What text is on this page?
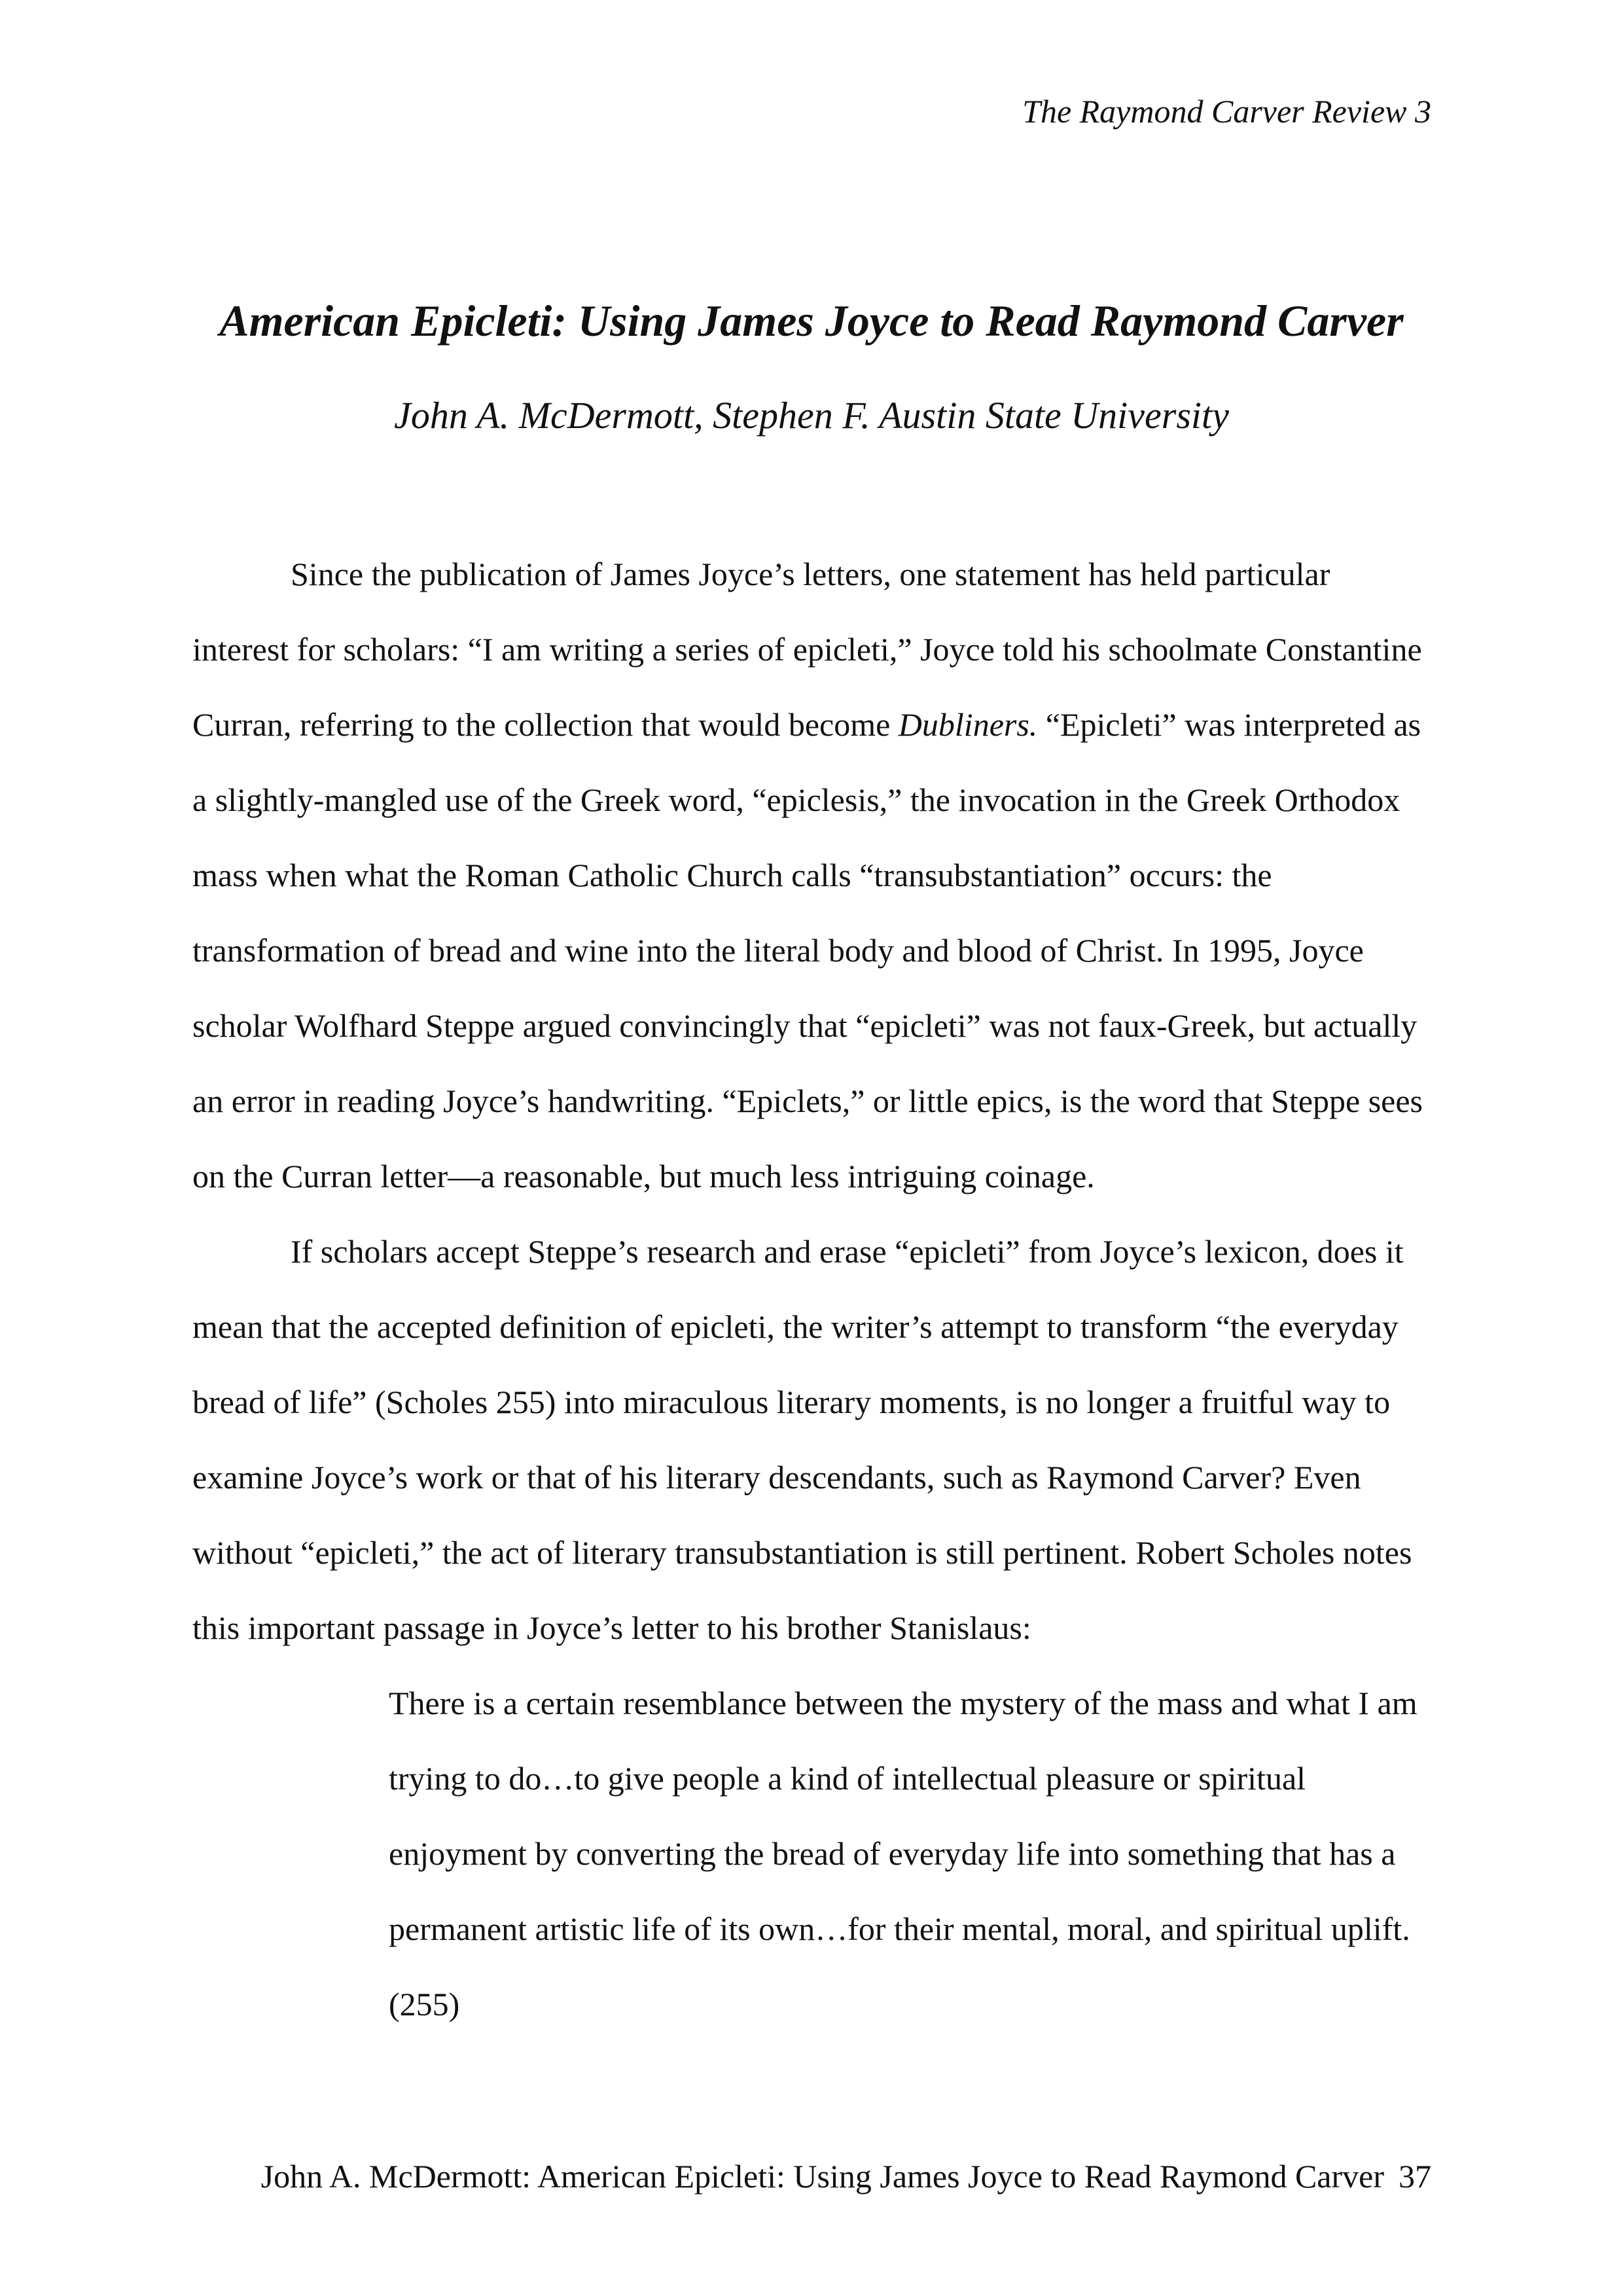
The Raymond Carver Review 3
American Epicleti: Using James Joyce to Read Raymond Carver
John A. McDermott, Stephen F. Austin State University

Since the publication of James Joyce’s letters, one statement has held particular interest for scholars: “I am writing a series of epicleti,” Joyce told his schoolmate Constantine Curran, referring to the collection that would become Dubliners. “Epicleti” was interpreted as a slightly-mangled use of the Greek word, “epiclesis,” the invocation in the Greek Orthodox mass when what the Roman Catholic Church calls “transubstantiation” occurs: the transformation of bread and wine into the literal body and blood of Christ. In 1995, Joyce scholar Wolfhard Steppe argued convincingly that “epicleti” was not faux-Greek, but actually an error in reading Joyce’s handwriting. “Epiclets,” or little epics, is the word that Steppe sees on the Curran letter—a reasonable, but much less intriguing coinage.

If scholars accept Steppe’s research and erase “epicleti” from Joyce’s lexicon, does it mean that the accepted definition of epicleti, the writer’s attempt to transform “the everyday bread of life” (Scholes 255) into miraculous literary moments, is no longer a fruitful way to examine Joyce’s work or that of his literary descendants, such as Raymond Carver? Even without “epicleti,” the act of literary transubstantiation is still pertinent. Robert Scholes notes this important passage in Joyce’s letter to his brother Stanislaus:

There is a certain resemblance between the mystery of the mass and what I am trying to do…to give people a kind of intellectual pleasure or spiritual enjoyment by converting the bread of everyday life into something that has a permanent artistic life of its own…for their mental, moral, and spiritual uplift.
(255)
John A. McDermott: American Epicleti: Using James Joyce to Read Raymond Carver 37
